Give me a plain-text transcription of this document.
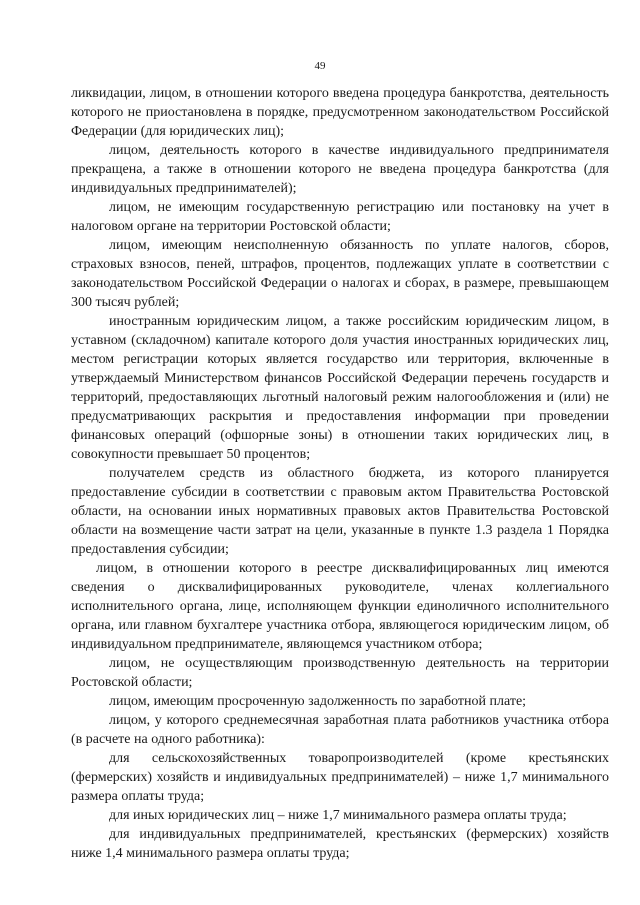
49

ликвидации, лицом, в отношении которого введена процедура банкротства, деятельность которого не приостановлена в порядке, предусмотренном законодательством Российской Федерации (для юридических лиц);

лицом, деятельность которого в качестве индивидуального предпринимателя прекращена, а также в отношении которого не введена процедура банкротства (для индивидуальных предпринимателей);

лицом, не имеющим государственную регистрацию или постановку на учет в налоговом органе на территории Ростовской области;

лицом, имеющим неисполненную обязанность по уплате налогов, сборов, страховых взносов, пеней, штрафов, процентов, подлежащих уплате в соответствии с законодательством Российской Федерации о налогах и сборах, в размере, превышающем 300 тысяч рублей;

иностранным юридическим лицом, а также российским юридическим лицом, в уставном (складочном) капитале которого доля участия иностранных юридических лиц, местом регистрации которых является государство или территория, включенные в утверждаемый Министерством финансов Российской Федерации перечень государств и территорий, предоставляющих льготный налоговый режим налогообложения и (или) не предусматривающих раскрытия и предоставления информации при проведении финансовых операций (офшорные зоны) в отношении таких юридических лиц, в совокупности превышает 50 процентов;

получателем средств из областного бюджета, из которого планируется предоставление субсидии в соответствии с правовым актом Правительства Ростовской области, на основании иных нормативных правовых актов Правительства Ростовской области на возмещение части затрат на цели, указанные в пункте 1.3 раздела 1 Порядка предоставления субсидии;

лицом, в отношении которого в реестре дисквалифицированных лиц имеются сведения о дисквалифицированных руководителе, членах коллегиального исполнительного органа, лице, исполняющем функции единоличного исполнительного органа, или главном бухгалтере участника отбора, являющегося юридическим лицом, об индивидуальном предпринимателе, являющемся участником отбора;

лицом, не осуществляющим производственную деятельность на территории Ростовской области;

лицом, имеющим просроченную задолженность по заработной плате;

лицом, у которого среднемесячная заработная плата работников участника отбора (в расчете на одного работника):

для сельскохозяйственных товаропроизводителей (кроме крестьянских (фермерских) хозяйств и индивидуальных предпринимателей) – ниже 1,7 минимального размера оплаты труда;

для иных юридических лиц – ниже 1,7 минимального размера оплаты труда;

для индивидуальных предпринимателей, крестьянских (фермерских) хозяйств ниже 1,4 минимального размера оплаты труда;
